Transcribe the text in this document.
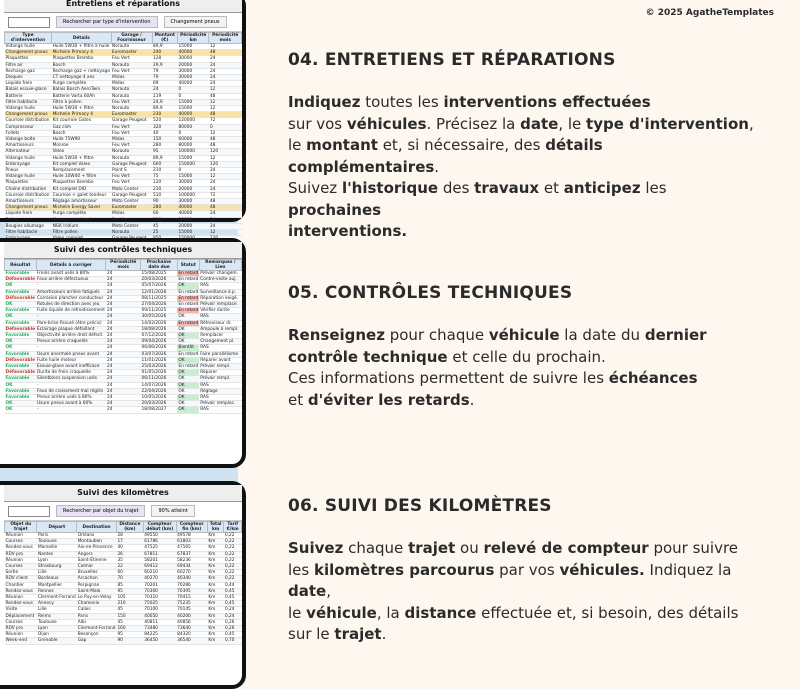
© 2025 AgatheTemplates
Entretiens et réparations
Rechercher par type d'intervention	Changement pneus
Type d'intervention	Détails	Garage / Fournisseur	Montant (€)	Périodicité km	Périodicité mois
Vidange huile	Huile 5W30 + filtre à huile	Norauto	89,9	15000	12
Changement pneus	Michelin Primacy 4	Euromaster	240	40000	48
Plaquettes	Plaquettes Brembo	Feu Vert	128	30000	24
Filtre air	Bosch	Norauto	29,9	20000	24
Recharge gaz	Recharge gaz + nettoyage	Feu Vert	79	30000	24
Disques	CT nettoyage 4 ans	Midas	79	30000	24
Liquide frein	Purge complète	Midas	69	40000	24
Balais essuie-glace	Balais Bosch AeroTwin	Norauto	24	0	12
Batterie	Batterie Varta 60Ah	Norauto	119	0	48
Filtre habitacle	Filtre à pollen	Feu Vert	24,9	15000	12
Vidange huile	Huile 5W30 + filtre	Norauto	89,9	15000	12
Changement pneus	Michelin Primacy 4	Euromaster	230	40000	48
Courroie distribution	Kit courroie Gates	Garage Peugeot	520	120000	72
Compresseur	Gaz clim	Feu Vert	320	80000	0
Follets	Bosch	Feu Vert	40	0	12
Vidange boîte	Huile 75W90	Midas	150	60000	48
Amortisseurs	Monroe	Feu Vert	280	80000	48
Alternateur	Valeo	Norauto	95	100000	120
Vidange huile	Huile 5W30 + filtre	Norauto	89,9	15000	12
Embrayage	Kit complet Valeo	Garage Peugeot	600	150000	120
Pneus	Remplacement	Point S	210	0	24
Vidange huile	Huile 10W40 + filtre	Feu Vert	75	15000	12
Plaquettes	Plaquettes Brembo	Feu Vert	120	30000	24
Chaîne distribution	Kit complet DID	Moto Center	210	20000	24
Courroie distribution	Courroie + galet tendeur	Garage Peugeot	510	100000	72
Amortisseurs	Réglage amortisseur	Moto Center	90	30000	48
Changement pneus	Michelin Energy Saver	Euromaster	280	40000	48
Liquide frein	Purge complète	Midas	60	40000	24
Freins	Montage reinforcé	Feu Vert	120	30000	24
Bougies allumage	NGK Iridium	Moto Center	45	20000	24
Filtre habitacle	Filtre pollen	Norauto	25	15000	12

Suivi des contrôles techniques
Résultat	Détails à corriger	Périodicité mois	Prochaine date due	Statut	Remarques / Lien
Favorable	Freins avant usés à 80%	24	15/08/2025	En retard	Prévoir changem.
Défavorable	Feux arrière défectueux	24	20/03/2026	En retard	Contre-visite auj.
OK	-	24	05/07/2026	OK	RAS
Favorable	Amortisseurs arrière fatigués	24	12/01/2026	En retard	Surveillance à p.
Défavorable	Corrosion plancher conducteur	24	08/11/2025	En retard	Réparation exigé.
OK	Rotules de direction avec jeu	24	27/04/2026	En retard	Prévoir remplace.
Favorable	Fuite liquide de refroidissement	24	09/11/2025	En retard	Vérifier durite
OK	-	24	30/05/2026	OK	RAS
Favorable	Pare-brise fissuré (être précis)	24	14/02/2026	En retard	Rétroviseur dr.
Défavorable	Éclairage plaque défaillant	24	18/08/2026	OK	Ampoule à rempl.
Favorable	Objectivité arrière droit défect.	24	07/12/2026	OK	Remplacer
OK	Pneus arrière craquelés	24	09/04/2026	OK	Changement pl.
OK	-	24	06/06/2026	Bientôt	RAS
Favorable	Usure anormale pneus avant	24	03/07/2026	En retard	Faire parallélisme
Défavorable	Fuite huile moteur	24	11/01/2026	OK	Réparer avant
Favorable	Essuie-glace avant inefficace	24	25/03/2026	En retard	Prévoir rempl.
Défavorable	Durite de frein craquelée	24	01/05/2026	OK	Réparer
Favorable	Silentblocs suspension usés	24	06/11/2026	OK	Prévoir rempl.
OK	-	24	14/07/2026	OK	RAS
Favorable	Feux de croisement mal réglés	24	22/04/2026	OK	Réglage
Favorable	Pneus arrière usés à 80%	24	10/05/2026	OK	RAS
OK	Usure pneus avant à 60%	24	20/03/2026	OK	Prévoir remplac.
OK	-	24	18/08/2027	OK	RAS
Suivi des kilomètres
Rechercher par objet du trajet	90% atteint
Objet du trajet	Départ	Destination	Distance (km)	Compteur début (km)	Compteur fin (km)	Total km	Tarif €/km
Réunion	Paris	Orléans	28	49550	49578	Km	0,22
Courses	Toulouse	Montauban	17	61786	61803	Km	0,22
Rendez-vous	Marseille	Aix-en-Provence	40	47525	47565	Km	0,22
RDV pro	Nantes	Angers	26	67811	67837	Km	0,22
Réunion	Lyon	Saint-Étienne	35	58201	58236	Km	0,22
Courses	Strasbourg	Colmar	22	69412	69434	Km	0,22
Sortie	Lille	Bruxelles	60	60210	60270	Km	0,22
RDV client	Bordeaux	Arcachon	70	40270	40340	Km	0,22
Chantier	Montpellier	Perpignan	85	70201	70286	Km	0,44
Rendez-vous	Rennes	Saint-Malo	95	70300	70395	Km	0,45
Réunion	Clermont-Ferrand	Le Puy-en-Velay	105	70310	70415	Km	0,45
Rendez-vous	Annecy	Chamonix	210	75025	75235	Km	0,45
Visite	Lille	Calais	45	70100	70145	Km	0,24
Déplacement	Reims	Paris	150	40050	40200	Km	0,24
Courses	Toulouse	Albi	45	40811	40856	Km	0,26
RDV pro	Lyon	Clermont-Ferrand	160	73480	73640	Km	0,26
Réunion	Dijon	Besançon	95	84225	84320	Km	0,45
Week-end	Grenoble	Gap	90	36450	36540	Km	0,70
04. ENTRETIENS ET RÉPARATIONS

Indiquez toutes les interventions effectuées
sur vos véhicules. Précisez la date, le type d'intervention,
le montant et, si nécessaire, des détails complémentaires.
Suivez l'historique des travaux et anticipez les prochaines
interventions.

05. CONTRÔLES TECHNIQUES

Renseignez pour chaque véhicule la date du dernier
contrôle technique et celle du prochain.
Ces informations permettent de suivre les échéances
et d'éviter les retards.

06. SUIVI DES KILOMÈTRES

Suivez chaque trajet ou relevé de compteur pour suivre
les kilomètres parcourus par vos véhicules. Indiquez la date,
le véhicule, la distance effectuée et, si besoin, des détails
sur le trajet.
